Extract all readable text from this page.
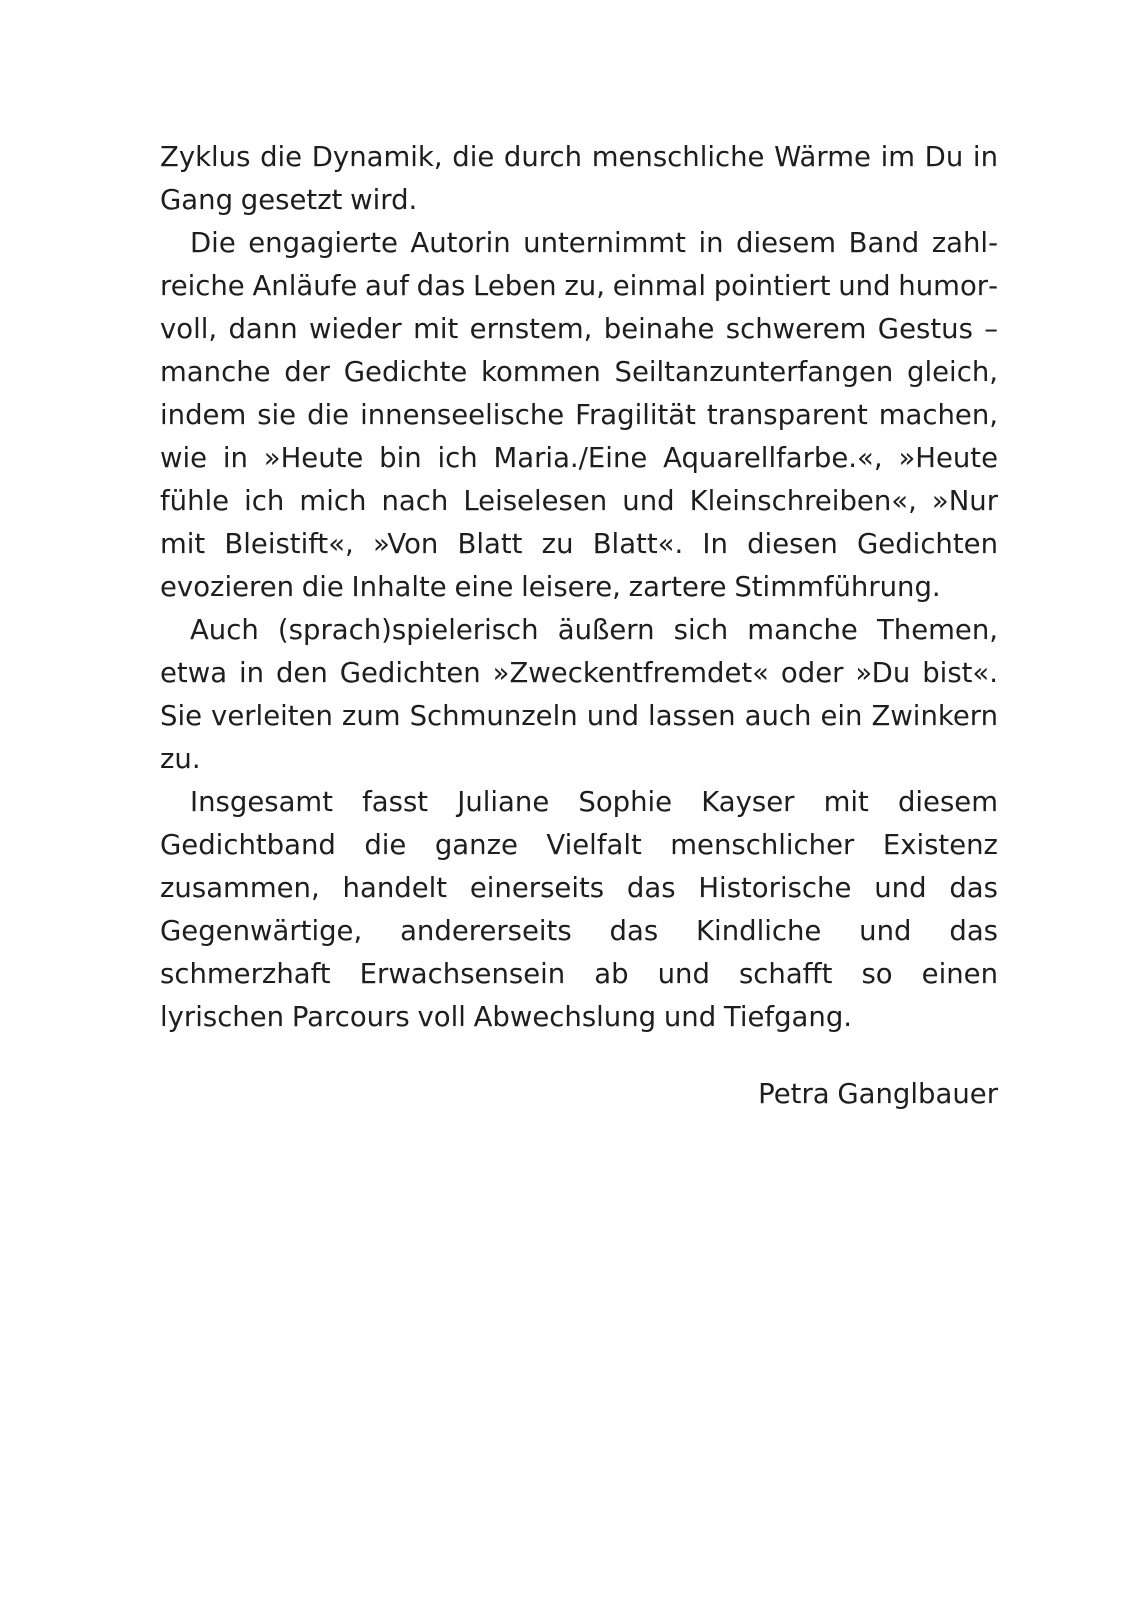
Zyklus die Dynamik, die durch menschliche Wärme im Du in Gang gesetzt wird.

Die engagierte Autorin unternimmt in diesem Band zahlreiche Anläufe auf das Leben zu, einmal pointiert und humorvoll, dann wieder mit ernstem, beinahe schwerem Gestus – manche der Gedichte kommen Seiltanzunterfangen gleich, indem sie die innenseelische Fragilität transparent machen, wie in »Heute bin ich Maria./Eine Aquarellfarbe.«, »Heute fühle ich mich nach Leiselesen und Kleinschreiben«, »Nur mit Bleistift«, »Von Blatt zu Blatt«. In diesen Gedichten evozieren die Inhalte eine leisere, zartere Stimmführung.

Auch (sprach)spielerisch äußern sich manche Themen, etwa in den Gedichten »Zweckentfremdet« oder »Du bist«. Sie verleiten zum Schmunzeln und lassen auch ein Zwinkern zu.

Insgesamt fasst Juliane Sophie Kayser mit diesem Gedichtband die ganze Vielfalt menschlicher Existenz zusammen, handelt einerseits das Historische und das Gegenwärtige, andererseits das Kindliche und das schmerzhaft Erwachsensein ab und schafft so einen lyrischen Parcours voll Abwechslung und Tiefgang.

Petra Ganglbauer
